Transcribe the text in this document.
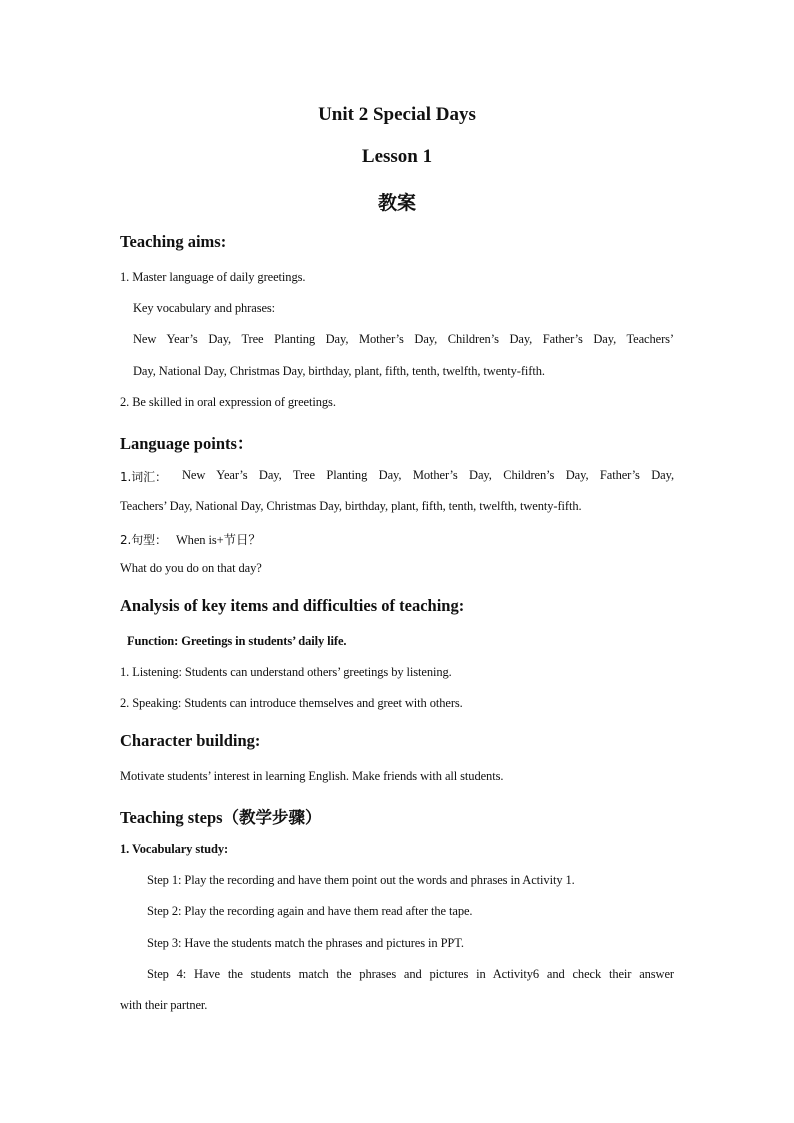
Unit 2 Special Days

Lesson 1

教案

Teaching aims:

1. Master language of daily greetings.

Key vocabulary and phrases:

New Year’s Day, Tree Planting Day, Mother’s Day, Children’s Day, Father’s Day, Teachers’

Day, National Day, Christmas Day, birthday, plant, fifth, tenth, twelfth, twenty-fifth.

2. Be skilled in oral expression of greetings.

Language points：

1.词汇： New Year’s Day, Tree Planting Day, Mother’s Day, Children’s Day, Father’s Day,

Teachers’ Day, National Day, Christmas Day, birthday, plant, fifth, tenth, twelfth, twenty-fifth.

2.句型： When is+节日？

What do you do on that day?

Analysis of key items and difficulties of teaching:

Function: Greetings in students’ daily life.

1. Listening: Students can understand others’ greetings by listening.

2. Speaking: Students can introduce themselves and greet with others.

Character building:

Motivate students’ interest in learning English. Make friends with all students.

Teaching steps（教学步骤）

1. Vocabulary study:

Step 1: Play the recording and have them point out the words and phrases in Activity 1.

Step 2: Play the recording again and have them read after the tape.

Step 3: Have the students match the phrases and pictures in PPT.

Step 4: Have the students match the phrases and pictures in Activity6 and check their answer

with their partner.
